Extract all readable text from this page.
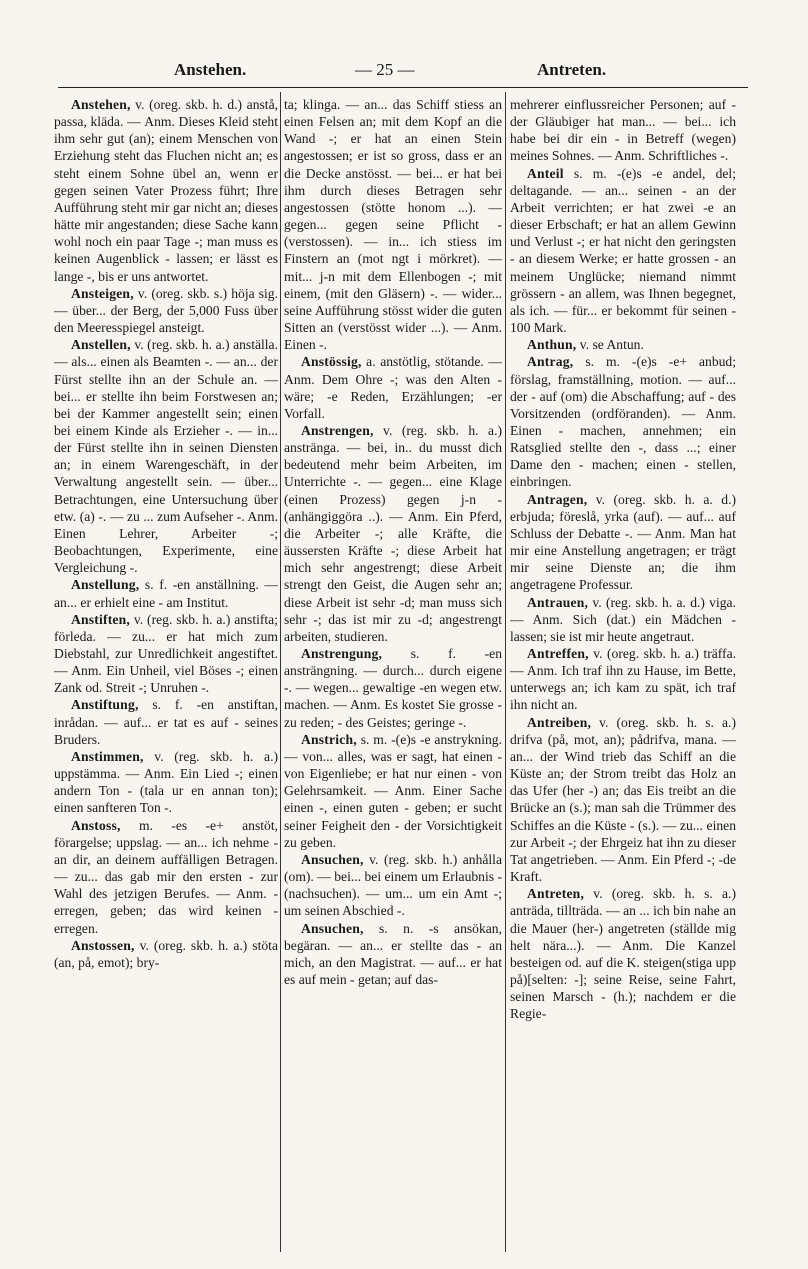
Anstehen.	— 25 —	Antreten.

Anstehen, v. (oreg. skb. h. d.) anstå, passa, klädа. — Anm. Dieses Kleid steht ihm sehr gut (an); einem Menschen von Erziehung steht das Fluchen nicht an; es steht einem Sohne übel an, wenn er gegen seinen Vater Prozess führt; Ihre Aufführung steht mir gar nicht an; dieses hätte mir angestanden; diese Sache kann wohl noch ein paar Tage -; man muss es keinen Augenblick - lassen; er lässt es lange -, bis er uns antwortet.

Ansteigen, v. (oreg. skb. s.) höja sig. — über... der Berg, der 5,000 Fuss über den Meeresspiegel ansteigt.

Anstellen, v. (reg. skb. h. a.) anställa. — als... einen als Beamten -. — an... der Fürst stellte ihn an der Schule an. — bei... er stellte ihn beim Forstwesen an; bei der Kammer angestellt sein; einen bei einem Kinde als Erzieher -. — in... der Fürst stellte ihn in seinen Diensten an; in einem Warengeschäft, in der Verwaltung angestellt sein. — über... Betrachtungen, eine Untersuchung über etw. (a) -. — zu ... zum Aufseher -. Anm. Einen Lehrer, Arbeiter -; Beobachtungen, Experimente, eine Vergleichung -.

Anstellung, s. f. -en anställning. — an... er erhielt eine - am Institut.

Anstiften, v. (reg. skb. h. a.) anstifta; förleda. — zu... er hat mich zum Diebstahl, zur Unredlichkeit angestiftet. — Anm. Ein Unheil, viel Böses -; einen Zank od. Streit -; Unruhen -.

Anstiftung, s. f. -en anstiftan, inrådan. — auf... er tat es auf - seines Bruders.

Anstimmen, v. (reg. skb. h. a.) uppstämma. — Anm. Ein Lied -; einen andern Ton - (tala ur en annan ton); einen sanfteren Ton -.

Anstoss, m. -es -e+ anstöt, förargelse; uppslag. — an... ich nehme - an dir, an deinem auffälligen Betragen. — zu... das gab mir den ersten - zur Wahl des jetzigen Berufes. — Anm. - erregen, geben; das wird keinen - erregen.

Anstossen, v. (oreg. skb. h. a.) stöta (an, på, emot); bry-

ta; klinga. — an... das Schiff stiess an einen Felsen an; mit dem Kopf an die Wand -; er hat an einen Stein angestossen; er ist so gross, dass er an die Decke anstösst. — bei... er hat bei ihm durch dieses Betragen sehr angestossen (stötte honom ...). — gegen... gegen seine Pflicht - (verstossen). — in... ich stiess im Finstern an (mot ngt i mörkret). — mit... j-n mit dem Ellenbogen -; mit einem, (mit den Gläsern) -. — wider... seine Aufführung stösst wider die guten Sitten an (verstösst wider ...). — Anm. Einen -.

Anstössig, a. anstötlig, stötande. — Anm. Dem Ohre -; was den Alten - wäre; -e Reden, Erzählungen; -er Vorfall.

Anstrengen, v. (reg. skb. h. a.) anstränga. — bei, in.. du musst dich bedeutend mehr beim Arbeiten, im Unterrichte -. — gegen... eine Klage (einen Prozess) gegen j-n - (anhängiggöra ..). — Anm. Ein Pferd, die Arbeiter -; alle Kräfte, die äussersten Kräfte -; diese Arbeit hat mich sehr angestrengt; diese Arbeit strengt den Geist, die Augen sehr an; diese Arbeit ist sehr -d; man muss sich sehr -; das ist mir zu -d; angestrengt arbeiten, studieren.

Anstrengung, s. f. -en ansträngning. — durch... durch eigene -. — wegen... gewaltige -en wegen etw. machen. — Anm. Es kostet Sie grosse - zu reden; - des Geistes; geringe -.

Anstrich, s. m. -(e)s -e anstrykning. — von... alles, was er sagt, hat einen - von Eigenliebe; er hat nur einen - von Gelehrsamkeit. — Anm. Einer Sache einen -, einen guten - geben; er sucht seiner Feigheit den - der Vorsichtigkeit zu geben.

Ansuchen, v. (reg. skb. h.) anhålla (om). — bei... bei einem um Erlaubnis - (nachsuchen). — um... um ein Amt -; um seinen Abschied -.

Ansuchen, s. n. -s ansökan, begäran. — an... er stellte das - an mich, an den Magistrat. — auf... er hat es auf mein - getan; auf das-

mehrerer einflussreicher Personen; auf - der Gläubiger hat man... — bei... ich habe bei dir ein - in Betreff (wegen) meines Sohnes. — Anm. Schriftliches -.

Anteil s. m. -(e)s -e andel, del; deltagande. — an... seinen - an der Arbeit verrichten; er hat zwei -e an dieser Erbschaft; er hat an allem Gewinn und Verlust -; er hat nicht den geringsten - an diesem Werke; er hatte grossen - an meinem Unglücke; niemand nimmt grössern - an allem, was Ihnen begegnet, als ich. — für... er bekommt für seinen - 100 Mark.

Anthun, v. se Antun.

Antrag, s. m. -(e)s -e+ anbud; förslag, framställning, motion. — auf... der - auf (om) die Abschaffung; auf - des Vorsitzenden (ordföranden). — Anm. Einen - machen, annehmen; ein Ratsglied stellte den -, dass ...; einer Dame den - machen; einen - stellen, einbringen.

Antragen, v. (oreg. skb. h. a. d.) erbjuda; föreslå, yrka (auf). — auf... auf Schluss der Debatte -. — Anm. Man hat mir eine Anstellung angetragen; er trägt mir seine Dienste an; die ihm angetragene Professur.

Antrauen, v. (reg. skb. h. a. d.) viga. — Anm. Sich (dat.) ein Mädchen - lassen; sie ist mir heute angetraut.

Antreffen, v. (oreg. skb. h. a.) träffa. — Anm. Ich traf ihn zu Hause, im Bette, unterwegs an; ich kam zu spät, ich traf ihn nicht an.

Antreiben, v. (oreg. skb. h. s. a.) drifva (på, mot, an); pådrifva, mana. — an... der Wind trieb das Schiff an die Küste an; der Strom treibt das Holz an das Ufer (her -) an; das Eis treibt an die Brücke an (s.); man sah die Trümmer des Schiffes an die Küste - (s.). — zu... einen zur Arbeit -; der Ehrgeiz hat ihn zu dieser Tat angetrieben. — Anm. Ein Pferd -; -de Kraft.

Antreten, v. (oreg. skb. h. s. a.) anträda, tillträda. — an ... ich bin nahe an die Mauer (her-) angetreten (ställde mig helt nära...). — Anm. Die Kanzel besteigen od. auf die K. steigen(stiga upp på)[selten: -]; seine Reise, seine Fahrt, seinen Marsch - (h.); nachdem er die Regie-
